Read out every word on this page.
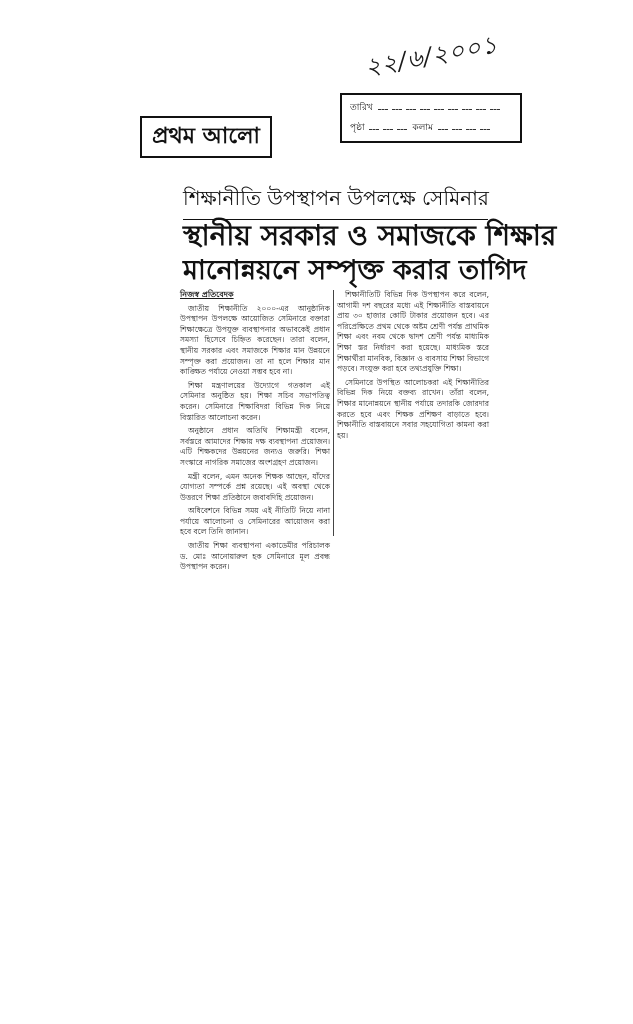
২২/৬/২০০১
তারিখ
পৃষ্ঠা	কলাম
প্রথম আলো
শিক্ষানীতি উপস্থাপন উপলক্ষে সেমিনার
স্থানীয় সরকার ও সমাজকে শিক্ষার
মানোন্নয়নে সম্পৃক্ত করার তাগিদ
নিজস্ব প্রতিবেদক

জাতীয় শিক্ষানীতি ২০০০-এর আনুষ্ঠানিক উপস্থাপন উপলক্ষে আয়োজিত সেমিনারে বক্তারা শিক্ষাক্ষেত্রে উপযুক্ত ব্যবস্থাপনার অভাবকেই প্রধান সমস্যা হিসেবে চিহ্নিত করেছেন। তারা বলেন, স্থানীয় সরকার এবং সমাজকে শিক্ষার মান উন্নয়নে সম্পৃক্ত করা প্রয়োজন। তা না হলে শিক্ষার মান কাঙ্ক্ষিত পর্যায়ে নেওয়া সম্ভব হবে না।

শিক্ষা মন্ত্রণালয়ের উদ্যোগে গতকাল এই সেমিনার অনুষ্ঠিত হয়। শিক্ষা সচিব সভাপতিত্ব করেন। সেমিনারে শিক্ষাবিদরা বিভিন্ন দিক নিয়ে বিস্তারিত আলোচনা করেন।

অনুষ্ঠানে প্রধান অতিথি শিক্ষামন্ত্রী বলেন, সর্বস্তরে আমাদের শিক্ষায় দক্ষ ব্যবস্থাপনা প্রয়োজন। এটি শিক্ষকদের উন্নয়নের জন্যও জরুরি। শিক্ষা সংস্কারে নাগরিক সমাজের অংশগ্রহণ প্রয়োজন।

মন্ত্রী বলেন, এমন অনেক শিক্ষক আছেন, যাঁদের যোগ্যতা সম্পর্কে প্রশ্ন রয়েছে। এই অবস্থা থেকে উত্তরণে শিক্ষা প্রতিষ্ঠানে জবাবদিহি প্রয়োজন।

অধিবেশনে বিভিন্ন সময় এই নীতিটি নিয়ে নানা পর্যায়ে আলোচনা ও সেমিনারের আয়োজন করা হবে বলে তিনি জানান।

জাতীয় শিক্ষা ব্যবস্থাপনা একাডেমীর পরিচালক ড. মোঃ আনোয়ারুল হক সেমিনারে মূল প্রবন্ধ উপস্থাপন করেন।

শিক্ষানীতিটি বিভিন্ন দিক উপস্থাপন করে বলেন, আগামী দশ বছরের মধ্যে এই শিক্ষানীতি বাস্তবায়নে প্রায় ৩০ হাজার কোটি টাকার প্রয়োজন হবে। এর পরিপ্রেক্ষিতে প্রথম থেকে অষ্টম শ্রেণী পর্যন্ত প্রাথমিক শিক্ষা এবং নবম থেকে দ্বাদশ শ্রেণী পর্যন্ত মাধ্যমিক শিক্ষা স্তর নির্ধারণ করা হয়েছে। মাধ্যমিক স্তরে শিক্ষার্থীরা মানবিক, বিজ্ঞান ও ব্যবসায় শিক্ষা বিভাগে পড়বে। সংযুক্ত করা হবে তথ্যপ্রযুক্তি শিক্ষা।

সেমিনারে উপস্থিত আলোচকরা এই শিক্ষানীতির বিভিন্ন দিক নিয়ে বক্তব্য রাখেন। তাঁরা বলেন, শিক্ষার মানোন্নয়নে স্থানীয় পর্যায়ে তদারকি জোরদার করতে হবে এবং শিক্ষক প্রশিক্ষণ বাড়াতে হবে। শিক্ষানীতি বাস্তবায়নে সবার সহযোগিতা কামনা করা হয়।
